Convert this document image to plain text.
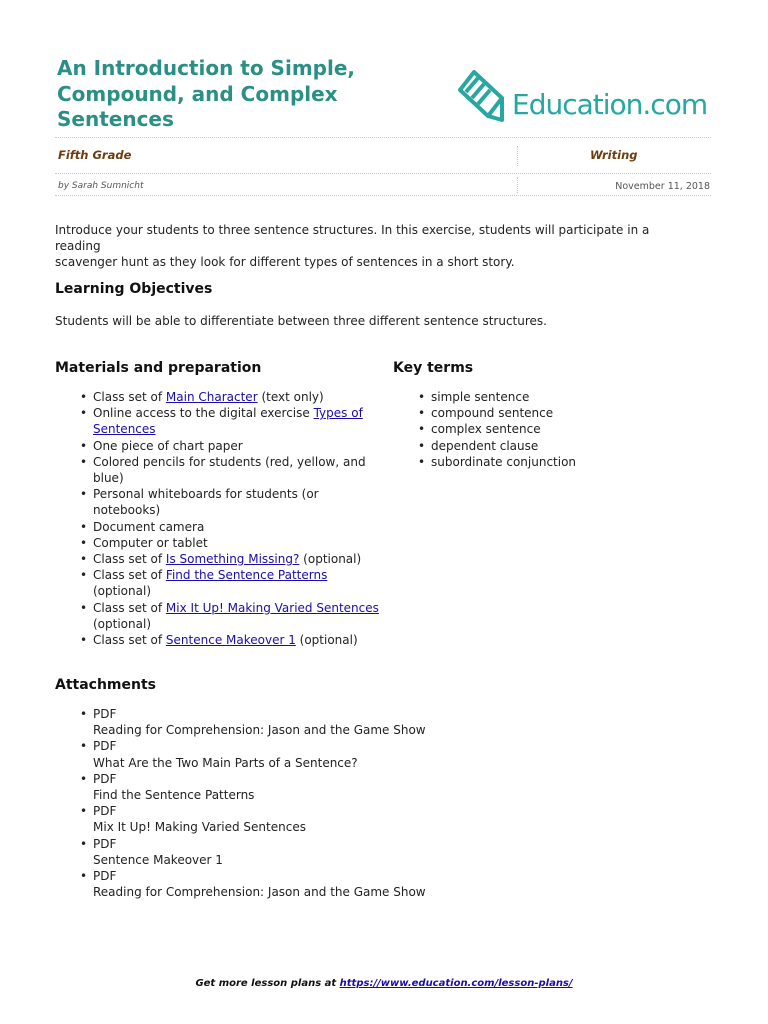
An Introduction to Simple,
Compound, and Complex
Sentences	Education.com
Fifth Grade	Writing
by Sarah Sumnicht	November 11, 2018
Introduce your students to three sentence structures. In this exercise, students will participate in a reading
scavenger hunt as they look for different types of sentences in a short story.
Learning Objectives
Students will be able to differentiate between three different sentence structures.
Materials and preparation
• Class set of Main Character (text only)
• Online access to the digital exercise Types of
Sentences
• One piece of chart paper
• Colored pencils for students (red, yellow, and
blue)
• Personal whiteboards for students (or
notebooks)
• Document camera
• Computer or tablet
• Class set of Is Something Missing? (optional)
• Class set of Find the Sentence Patterns
(optional)
• Class set of Mix It Up! Making Varied Sentences
(optional)
• Class set of Sentence Makeover 1 (optional)
Key terms
• simple sentence
• compound sentence
• complex sentence
• dependent clause
• subordinate conjunction
Attachments
• PDF
Reading for Comprehension: Jason and the Game Show
• PDF
What Are the Two Main Parts of a Sentence?
• PDF
Find the Sentence Patterns
• PDF
Mix It Up! Making Varied Sentences
• PDF
Sentence Makeover 1
• PDF
Reading for Comprehension: Jason and the Game Show
Get more lesson plans at https://www.education.com/lesson-plans/
